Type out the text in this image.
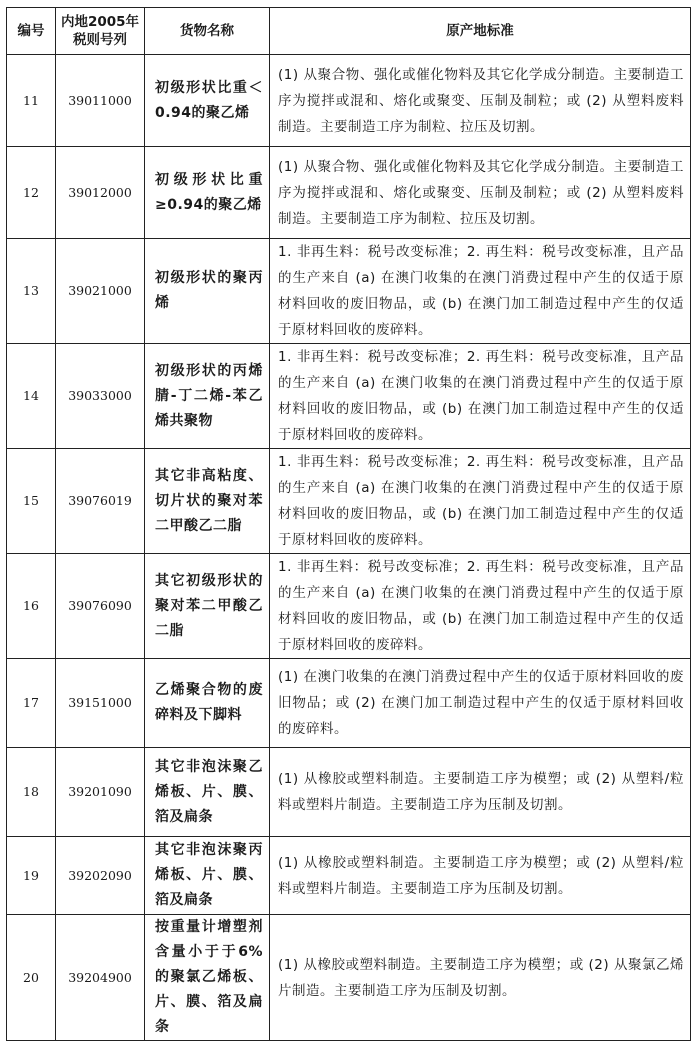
编号	内地2005年税则号列	货物名称	原产地标准
11	39011000	初级形状比重＜0.94的聚乙烯	(1) 从聚合物、强化或催化物料及其它化学成分制造。主要制造工序为搅拌或混和、熔化或聚变、压制及制粒；或 (2) 从塑料废料制造。主要制造工序为制粒、拉压及切割。
12	39012000	初级形状比重≥0.94的聚乙烯	(1) 从聚合物、强化或催化物料及其它化学成分制造。主要制造工序为搅拌或混和、熔化或聚变、压制及制粒；或 (2) 从塑料废料制造。主要制造工序为制粒、拉压及切割。
13	39021000	初级形状的聚丙烯	1. 非再生料：税号改变标准；2. 再生料：税号改变标准，且产品的生产来自 (a) 在澳门收集的在澳门消费过程中产生的仅适于原材料回收的废旧物品，或 (b) 在澳门加工制造过程中产生的仅适于原材料回收的废碎料。
14	39033000	初级形状的丙烯腈-丁二烯-苯乙烯共聚物	1. 非再生料：税号改变标准；2. 再生料：税号改变标准，且产品的生产来自 (a) 在澳门收集的在澳门消费过程中产生的仅适于原材料回收的废旧物品，或 (b) 在澳门加工制造过程中产生的仅适于原材料回收的废碎料。
15	39076019	其它非高粘度、切片状的聚对苯二甲酸乙二脂	1. 非再生料：税号改变标准；2. 再生料：税号改变标准，且产品的生产来自 (a) 在澳门收集的在澳门消费过程中产生的仅适于原材料回收的废旧物品，或 (b) 在澳门加工制造过程中产生的仅适于原材料回收的废碎料。
16	39076090	其它初级形状的聚对苯二甲酸乙二脂	1. 非再生料：税号改变标准；2. 再生料：税号改变标准，且产品的生产来自 (a) 在澳门收集的在澳门消费过程中产生的仅适于原材料回收的废旧物品，或 (b) 在澳门加工制造过程中产生的仅适于原材料回收的废碎料。
17	39151000	乙烯聚合物的废碎料及下脚料	(1) 在澳门收集的在澳门消费过程中产生的仅适于原材料回收的废旧物品；或 (2) 在澳门加工制造过程中产生的仅适于原材料回收的废碎料。
18	39201090	其它非泡沫聚乙烯板、片、膜、箔及扁条	(1) 从橡胶或塑料制造。主要制造工序为模塑；或 (2) 从塑料/粒料或塑料片制造。主要制造工序为压制及切割。
19	39202090	其它非泡沫聚丙烯板、片、膜、箔及扁条	(1) 从橡胶或塑料制造。主要制造工序为模塑；或 (2) 从塑料/粒料或塑料片制造。主要制造工序为压制及切割。
20	39204900	按重量计增塑剂含量小于于6%的聚氯乙烯板、片、膜、箔及扁条	(1) 从橡胶或塑料制造。主要制造工序为模塑；或 (2) 从聚氯乙烯片制造。主要制造工序为压制及切割。
